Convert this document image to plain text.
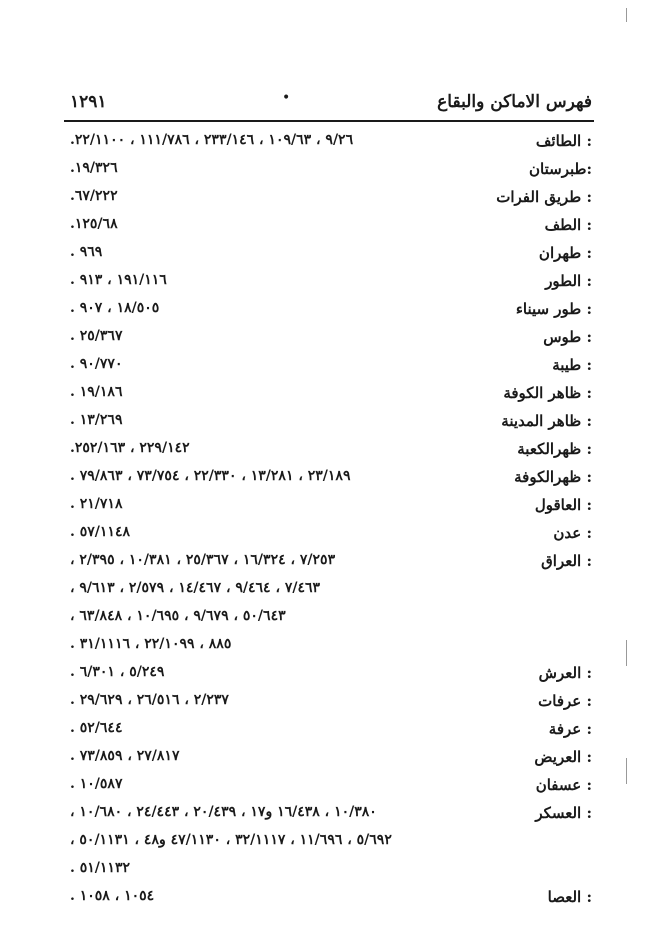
١٢٩١	•	فهرس الاماكن والبقاع
الطائف :
٩/٢٦ ، ١٠٩/٦٣ ، ٢٣٣/١٤٦ ، ١١١/٧٨٦ ، ٢٢/١١٠٠.
طبرستان:
١٩/٣٢٦.
طريق الفرات :
٦٧/٢٢٢.
الطف :
١٢٥/٦٨.
طهران :
٩٦٩ .
الطور :
١٩١/١١٦ ، ٩١٣ .
طور سيناء :
١٨/٥٠٥ ، ٩٠٧ .
طوس :
٢٥/٣٦٧ .
طيبة :
٩٠/٧٧٠ .
ظاهر الكوفة :
١٩/١٨٦ .
ظاهر المدينة :
١٣/٢٦٩ .
ظهرالكعبة :
٢٢٩/١٤٢ ، ٢٥٢/١٦٣.
ظهرالكوفة :
٢٣/١٨٩ ، ١٣/٢٨١ ، ٢٢/٣٣٠ ، ٧٣/٧٥٤ ، ٧٩/٨٦٣ .
العاقول :
٢١/٧١٨ .
عدن :
٥٧/١١٤٨ .
العراق :
٧/٢٥٣ ، ١٦/٣٢٤ ، ٢٥/٣٦٧ ، ١٠/٣٨١ ، ٢/٣٩٥ ،
٧/٤٦٣ ، ٩/٤٦٤ ، ١٤/٤٦٧ ، ٢/٥٧٩ ، ٩/٦١٣ ،
٥٠/٦٤٣ ، ٩/٦٧٩ ، ١٠/٦٩٥ ، ٦٣/٨٤٨ ،
٨٨٥ ، ٢٢/١٠٩٩ ، ٣١/١١١٦ .
العرش :
٥/٢٤٩ ، ٦/٣٠١ .
عرفات :
٢/٢٣٧ ، ٢٦/٥١٦ ، ٢٩/٦٢٩ .
عرفة :
٥٢/٦٤٤ .
العريض :
٢٧/٨١٧ ، ٧٣/٨٥٩ .
عسفان :
١٠/٥٨٧ .
العسكر :
١٠/٣٨٠ ، ١٦/٤٣٨ و١٧ ، ٢٠/٤٣٩ ، ٢٤/٤٤٣ ، ١٠/٦٨٠ ،
٥/٦٩٢ ، ١١/٦٩٦ ، ٣٢/١١١٧ ، ٤٧/١١٣٠ و٤٨ ، ٥٠/١١٣١ ،
٥١/١١٣٢ .
العصا :
١٠٥٤ ، ١٠٥٨ .
